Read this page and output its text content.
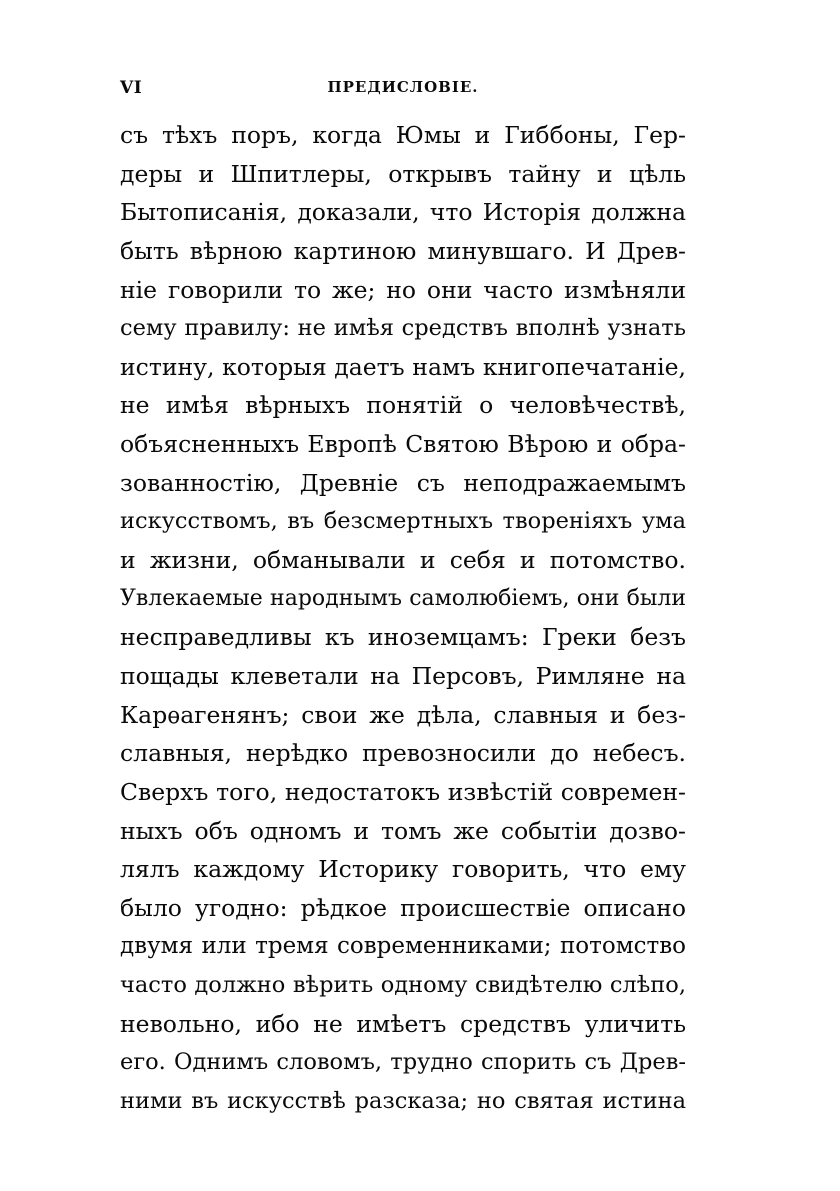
VI	ПРЕДИСЛОВІЕ.
съ тѣхъ поръ, когда Юмы и Гиббоны, Гер-
деры и Шпитлеры, открывъ тайну и цѣль
Бытописанія, доказали, что Исторія должна
быть вѣрною картиною минувшаго. И Древ-
ніе говорили то же; но они часто измѣняли
сему правилу: не имѣя средствъ вполнѣ узнать
истину, которыя даетъ намъ книгопечатаніе,
не имѣя вѣрныхъ понятій о человѣчествѣ,
объясненныхъ Европѣ Святою Вѣрою и обра-
зованностію, Древніе съ неподражаемымъ
искусствомъ, въ безсмертныхъ твореніяхъ ума
и жизни, обманывали и себя и потомство.
Увлекаемые народнымъ самолюбіемъ, они были
несправедливы къ иноземцамъ: Греки безъ
пощады клеветали на Персовъ, Римляне на
Карѳагенянъ; свои же дѣла, славныя и без-
славныя, нерѣдко превозносили до небесъ.
Сверхъ того, недостатокъ извѣстій современ-
ныхъ объ одномъ и томъ же событіи дозво-
лялъ каждому Историку говорить, что ему
было угодно: рѣдкое происшествіе описано
двумя или тремя современниками; потомство
часто должно вѣрить одному свидѣтелю слѣпо,
невольно, ибо не имѣетъ средствъ уличить
его. Однимъ словомъ, трудно спорить съ Древ-
ними въ искусствѣ разсказа; но святая истина
